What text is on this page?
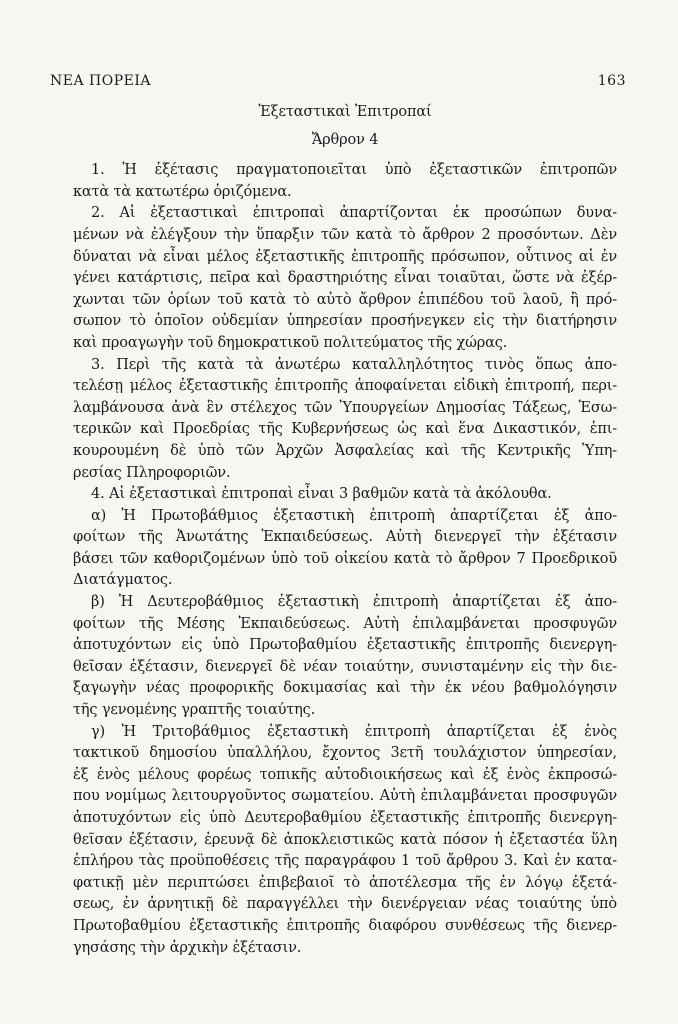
ΝΕΑ ΠΟΡΕΙΑ	163
Ἐξεταστικαὶ Ἐπιτροπαί
Ἄρθρον 4
1. Ἡ ἐξέτασις πραγματοποιεῖται ὑπὸ ἐξεταστικῶν ἐπιτροπῶν
κατὰ τὰ κατωτέρω ὁριζόμενα.
2. Αἱ ἐξεταστικαὶ ἐπιτροπαὶ ἀπαρτίζονται ἐκ προσώπων δυνα-
μένων νὰ ἐλέγξουν τὴν ὕπαρξιν τῶν κατὰ τὸ ἄρθρον 2 προσόντων. Δὲν
δύναται νὰ εἶναι μέλος ἐξεταστικῆς ἐπιτροπῆς πρόσωπον, οὗτινος αἱ ἐν
γένει κατάρτισις, πεῖρα καὶ δραστηριότης εἶναι τοιαῦται, ὥστε νὰ ἐξέρ-
χωνται τῶν ὁρίων τοῦ κατὰ τὸ αὐτὸ ἄρθρον ἐπιπέδου τοῦ λαοῦ, ἢ πρό-
σωπον τὸ ὁποῖον οὐδεμίαν ὑπηρεσίαν προσήνεγκεν εἰς τὴν διατήρησιν
καὶ προαγωγὴν τοῦ δημοκρατικοῦ πολιτεύματος τῆς χώρας.
3. Περὶ τῆς κατὰ τὰ ἀνωτέρω καταλληλότητος τινὸς ὅπως ἀπο-
τελέσῃ μέλος ἐξεταστικῆς ἐπιτροπῆς ἀποφαίνεται εἰδικὴ ἐπιτροπή, περι-
λαμβάνουσα ἀνὰ ἓν στέλεχος τῶν Ὑπουργείων Δημοσίας Τάξεως, Ἐσω-
τερικῶν καὶ Προεδρίας τῆς Κυβερνήσεως ὡς καὶ ἕνα Δικαστικόν, ἐπι-
κουρουμένη δὲ ὑπὸ τῶν Ἀρχῶν Ἀσφαλείας καὶ τῆς Κεντρικῆς Ὑπη-
ρεσίας Πληροφοριῶν.
4. Αἱ ἐξεταστικαὶ ἐπιτροπαὶ εἶναι 3 βαθμῶν κατὰ τὰ ἀκόλουθα.
α) Ἡ Πρωτοβάθμιος ἐξεταστικὴ ἐπιτροπὴ ἀπαρτίζεται ἐξ ἀπο-
φοίτων τῆς Ἀνωτάτης Ἐκπαιδεύσεως. Αὐτὴ διενεργεῖ τὴν ἐξέτασιν
βάσει τῶν καθοριζομένων ὑπὸ τοῦ οἰκείου κατὰ τὸ ἄρθρον 7 Προεδρικοῦ
Διατάγματος.
β) Ἡ Δευτεροβάθμιος ἐξεταστικὴ ἐπιτροπὴ ἀπαρτίζεται ἐξ ἀπο-
φοίτων τῆς Μέσης Ἐκπαιδεύσεως. Αὐτὴ ἐπιλαμβάνεται προσφυγῶν
ἀποτυχόντων εἰς ὑπὸ Πρωτοβαθμίου ἐξεταστικῆς ἐπιτροπῆς διενεργη-
θεῖσαν ἐξέτασιν, διενεργεῖ δὲ νέαν τοιαύτην, συνισταμένην εἰς τὴν διε-
ξαγωγὴν νέας προφορικῆς δοκιμασίας καὶ τὴν ἐκ νέου βαθμολόγησιν
τῆς γενομένης γραπτῆς τοιαύτης.
γ) Ἡ Τριτοβάθμιος ἐξεταστικὴ ἐπιτροπὴ ἀπαρτίζεται ἐξ ἑνὸς
τακτικοῦ δημοσίου ὑπαλλήλου, ἔχοντος 3ετῆ τουλάχιστον ὑπηρεσίαν,
ἐξ ἑνὸς μέλους φορέως τοπικῆς αὐτοδιοικήσεως καὶ ἐξ ἑνὸς ἐκπροσώ-
που νομίμως λειτουργοῦντος σωματείου. Αὐτὴ ἐπιλαμβάνεται προσφυγῶν
ἀποτυχόντων εἰς ὑπὸ Δευτεροβαθμίου ἐξεταστικῆς ἐπιτροπῆς διενεργη-
θεῖσαν ἐξέτασιν, ἐρευνᾷ δὲ ἀποκλειστικῶς κατὰ πόσον ἡ ἐξεταστέα ὕλη
ἐπλήρου τὰς προϋποθέσεις τῆς παραγράφου 1 τοῦ ἄρθρου 3. Καὶ ἐν κατα-
φατικῇ μὲν περιπτώσει ἐπιβεβαιοῖ τὸ ἀποτέλεσμα τῆς ἐν λόγῳ ἐξετά-
σεως, ἐν ἀρνητικῇ δὲ παραγγέλλει τὴν διενέργειαν νέας τοιαύτης ὑπὸ
Πρωτοβαθμίου ἐξεταστικῆς ἐπιτροπῆς διαφόρου συνθέσεως τῆς διενερ-
γησάσης τὴν ἀρχικὴν ἐξέτασιν.
